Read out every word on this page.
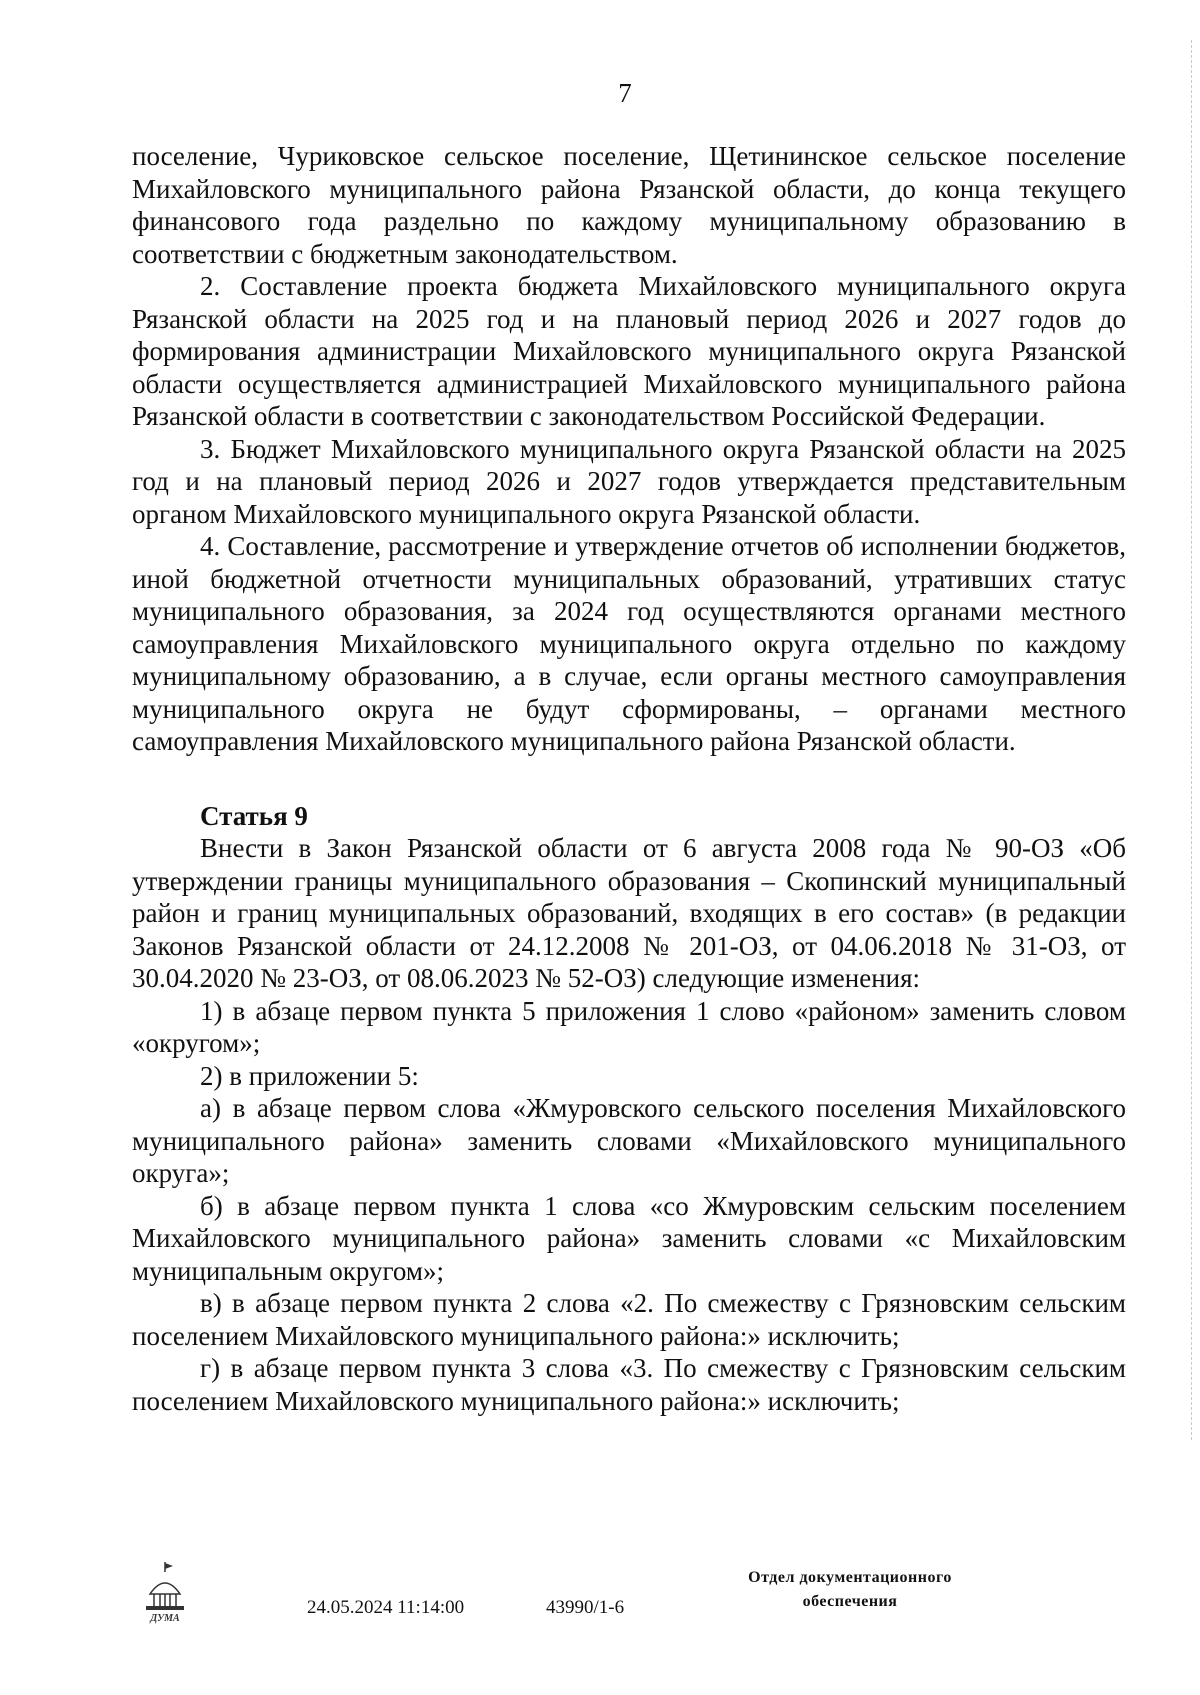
7

поселение, Чуриковское сельское поселение, Щетининское сельское поселение Михайловского муниципального района Рязанской области, до конца текущего финансового года раздельно по каждому муниципальному образованию в соответствии с бюджетным законодательством.

2. Составление проекта бюджета Михайловского муниципального округа Рязанской области на 2025 год и на плановый период 2026 и 2027 годов до формирования администрации Михайловского муниципального округа Рязанской области осуществляется администрацией Михайловского муниципального района Рязанской области в соответствии с законодательством Российской Федерации.

3. Бюджет Михайловского муниципального округа Рязанской области на 2025 год и на плановый период 2026 и 2027 годов утверждается представительным органом Михайловского муниципального округа Рязанской области.

4. Составление, рассмотрение и утверждение отчетов об исполнении бюджетов, иной бюджетной отчетности муниципальных образований, утративших статус муниципального образования, за 2024 год осуществляются органами местного самоуправления Михайловского муниципального округа отдельно по каждому муниципальному образованию, а в случае, если органы местного самоуправления муниципального округа не будут сформированы, – органами местного самоуправления Михайловского муниципального района Рязанской области.

Статья 9

Внести в Закон Рязанской области от 6 августа 2008 года № 90-ОЗ «Об утверждении границы муниципального образования – Скопинский муниципальный район и границ муниципальных образований, входящих в его состав» (в редакции Законов Рязанской области от 24.12.2008 № 201-ОЗ, от 04.06.2018 № 31-ОЗ, от 30.04.2020 № 23-ОЗ, от 08.06.2023 № 52-ОЗ) следующие изменения:

1) в абзаце первом пункта 5 приложения 1 слово «районом» заменить словом «округом»;

2) в приложении 5:

а) в абзаце первом слова «Жмуровского сельского поселения Михайловского муниципального района» заменить словами «Михайловского муниципального округа»;

б) в абзаце первом пункта 1 слова «со Жмуровским сельским поселением Михайловского муниципального района» заменить словами «с Михайловским муниципальным округом»;

в) в абзаце первом пункта 2 слова «2. По смежеству с Грязновским сельским поселением Михайловского муниципального района:» исключить;

г) в абзаце первом пункта 3 слова «3. По смежеству с Грязновским сельским поселением Михайловского муниципального района:» исключить;

ДУМА
24.05.2024 11:14:00	43990/1-6
Отдел документационного
обеспечения
